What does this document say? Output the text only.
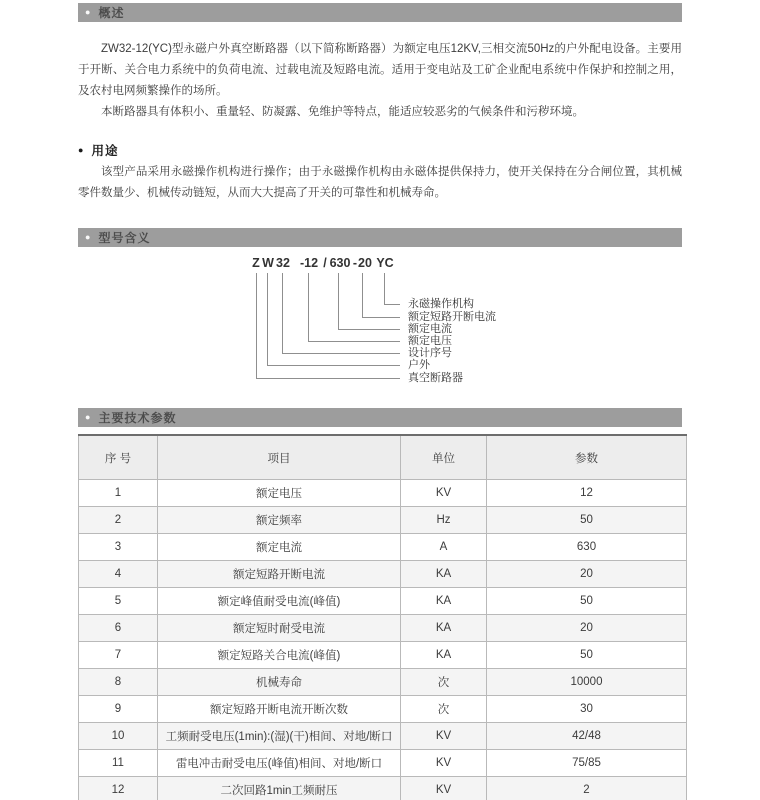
● 概述

ZW32-12(YC)型永磁户外真空断路器（以下简称断路器）为额定电压12KV,三相交流50Hz的户外配电设备。主要用于开断、关合电力系统中的负荷电流、过载电流及短路电流。适用于变电站及工矿企业配电系统中作保护和控制之用，及农村电网频繁操作的场所。

本断路器具有体积小、重量轻、防凝露、免维护等特点，能适应较恶劣的气候条件和污秽环境。

● 用途

该型产品采用永磁操作机构进行操作；由于永磁操作机构由永磁体提供保持力，使开关保持在分合闸位置，其机械零件数量少、机械传动链短，从而大大提高了开关的可靠性和机械寿命。

● 型号含义
Z W 32 -12 / 630 - 20 YC
永磁操作机构
额定短路开断电流
额定电流
额定电压
设计序号
户外
真空断路器
● 主要技术参数
序 号	项目	单位	参数
1	额定电压	KV	12
2	额定频率	Hz	50
3	额定电流	A	630
4	额定短路开断电流	KA	20
5	额定峰值耐受电流(峰值)	KA	50
6	额定短时耐受电流	KA	20
7	额定短路关合电流(峰值)	KA	50
8	机械寿命	次	10000
9	额定短路开断电流开断次数	次	30
10	工频耐受电压(1min):(湿)(干)相间、对地/断口	KV	42/48
11	雷电冲击耐受电压(峰值)相间、对地/断口	KV	75/85
12	二次回路1min工频耐压	KV	2
